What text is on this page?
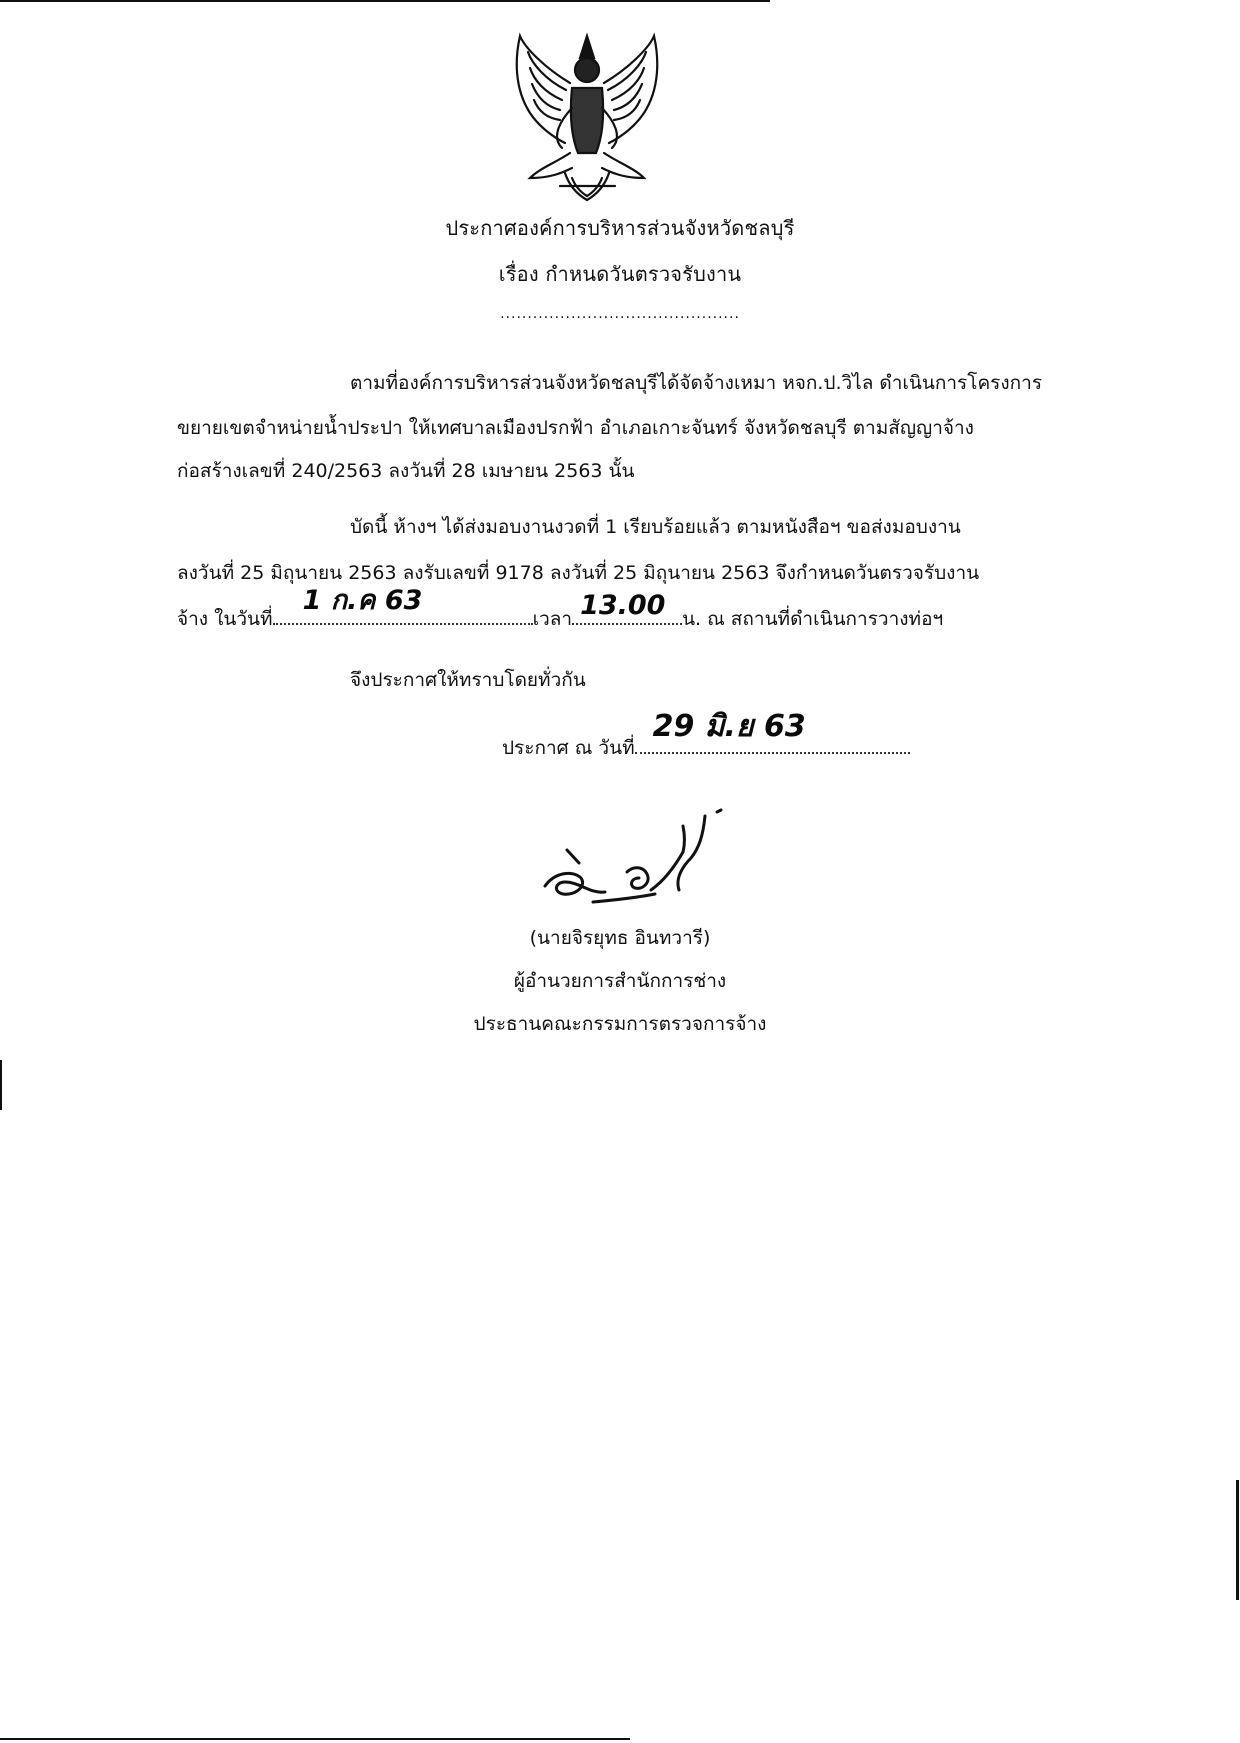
ประกาศองค์การบริหารส่วนจังหวัดชลบุรี
เรื่อง กำหนดวันตรวจรับงาน
............................................
ตามที่องค์การบริหารส่วนจังหวัดชลบุรีได้จัดจ้างเหมา หจก.ป.วิไล ดำเนินการโครงการ
ขยายเขตจำหน่ายน้ำประปา ให้เทศบาลเมืองปรกฟ้า อำเภอเกาะจันทร์ จังหวัดชลบุรี ตามสัญญาจ้าง
ก่อสร้างเลขที่ 240/2563 ลงวันที่ 28 เมษายน 2563 นั้น
บัดนี้ ห้างฯ ได้ส่งมอบงานงวดที่ 1 เรียบร้อยแล้ว ตามหนังสือฯ ขอส่งมอบงาน
ลงวันที่ 25 มิถุนายน 2563 ลงรับเลขที่ 9178 ลงวันที่ 25 มิถุนายน 2563 จึงกำหนดวันตรวจรับงาน
จ้าง ในวันที่
1 ก.ค 63
เวลา 13.00 น. ณ สถานที่ดำเนินการวางท่อฯ
จึงประกาศให้ทราบโดยทั่วกัน
ประกาศ ณ วันที่
29 มิ.ย 63
(นายจิรยุทธ อินทวารี)
ผู้อำนวยการสำนักการช่าง
ประธานคณะกรรมการตรวจการจ้าง
